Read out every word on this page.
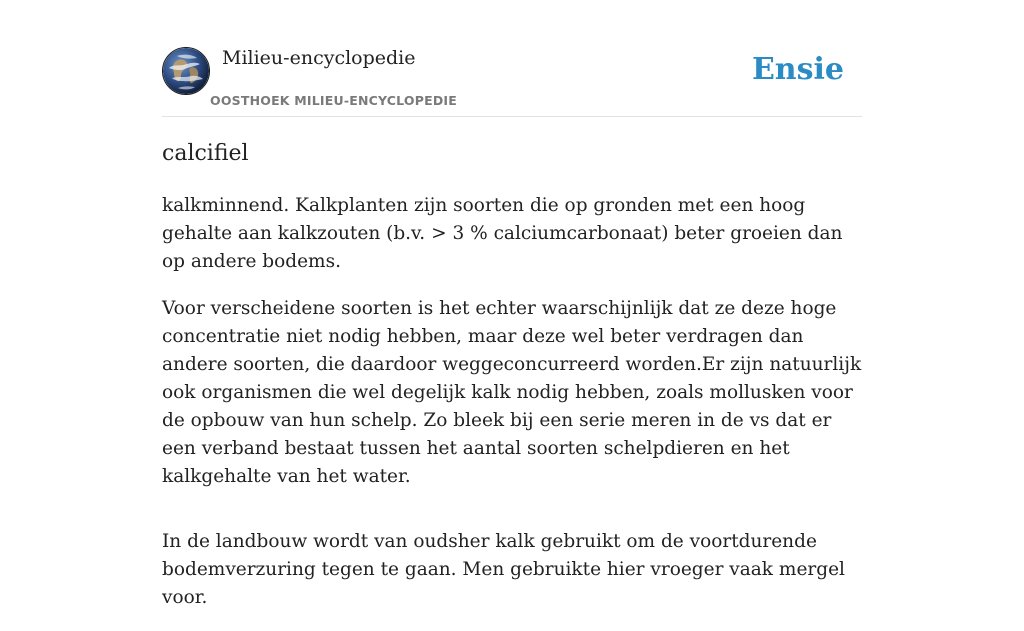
Milieu-encyclopedie
OOSTHOEK MILIEU-ENCYCLOPEDIE
Ensie
calcifiel

kalkminnend. Kalkplanten zijn soorten die op gronden met een hoog gehalte aan kalkzouten (b.v. > 3 % calciumcarbonaat) beter groeien dan op andere bodems.

Voor verscheidene soorten is het echter waarschijnlijk dat ze deze hoge concentratie niet nodig hebben, maar deze wel beter verdragen dan andere soorten, die daardoor weggeconcurreerd worden.Er zijn natuurlijk ook organismen die wel degelijk kalk nodig hebben, zoals mollusken voor de opbouw van hun schelp. Zo bleek bij een serie meren in de vs dat er een verband bestaat tussen het aantal soorten schelpdieren en het kalkgehalte van het water.

In de landbouw wordt van oudsher kalk gebruikt om de voortdurende bodemverzuring tegen te gaan. Men gebruikte hier vroeger vaak mergel voor.
